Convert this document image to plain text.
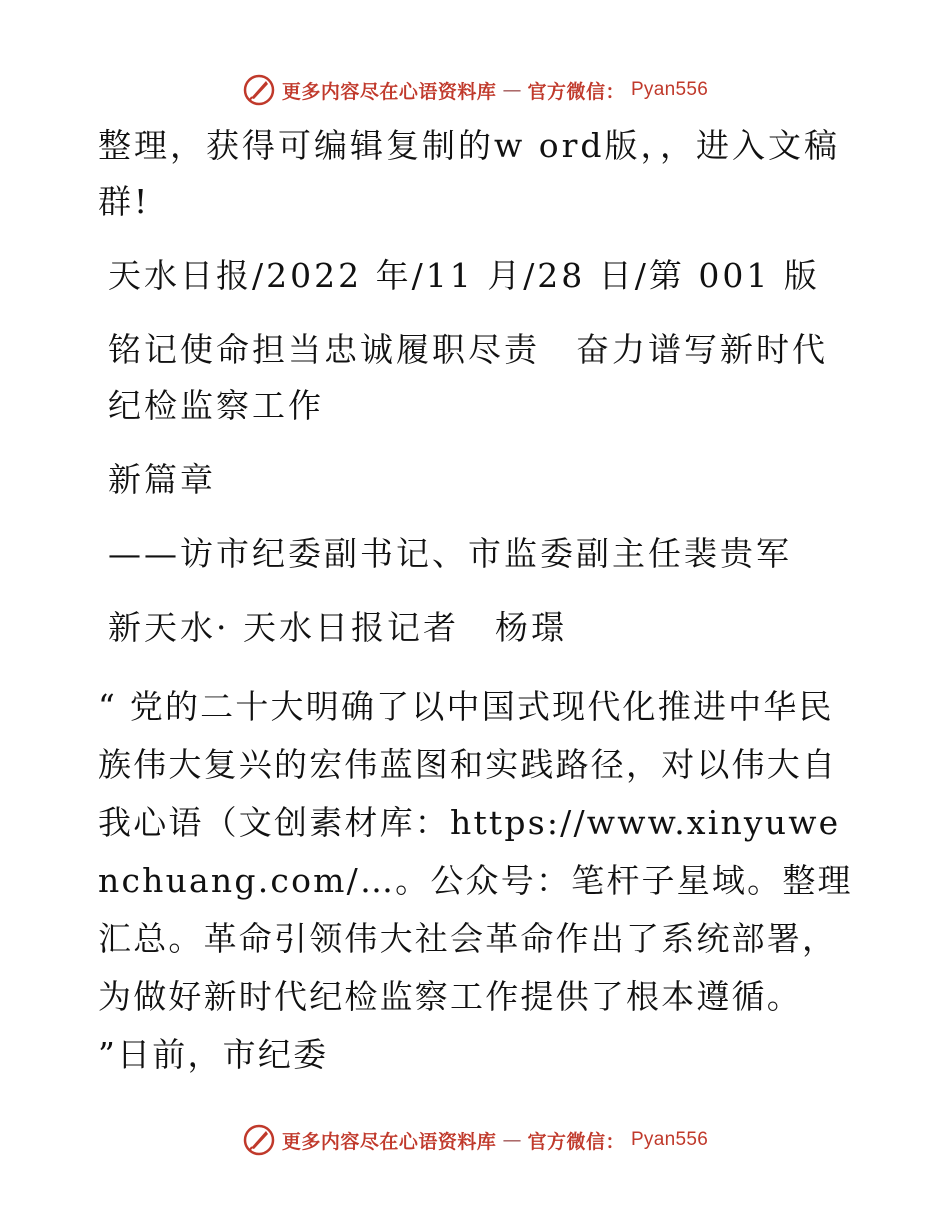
更多内容尽在心语资料库 — 官方微信： Pyan556

整理，获得可编辑复制的w ord版，，进入文稿群!

天水日报/2022 年/11 月/28 日/第 001 版

铭记使命担当忠诚履职尽责　奋力谱写新时代纪检监察工作

新篇章

——访市纪委副书记、市监委副主任裴贵军

新天水· 天水日报记者　杨璟

“ 党的二十大明确了以中国式现代化推进中华民族伟大复兴的宏伟蓝图和实践路径，对以伟大自我心语（文创素材库：https://www.xinyuwenchuang.com/…。公众号：笔杆子星域。整理汇总。革命引领伟大社会革命作出了系统部署，为做好新时代纪检监察工作提供了根本遵循。 ”日前，市纪委

更多内容尽在心语资料库 — 官方微信： Pyan556
